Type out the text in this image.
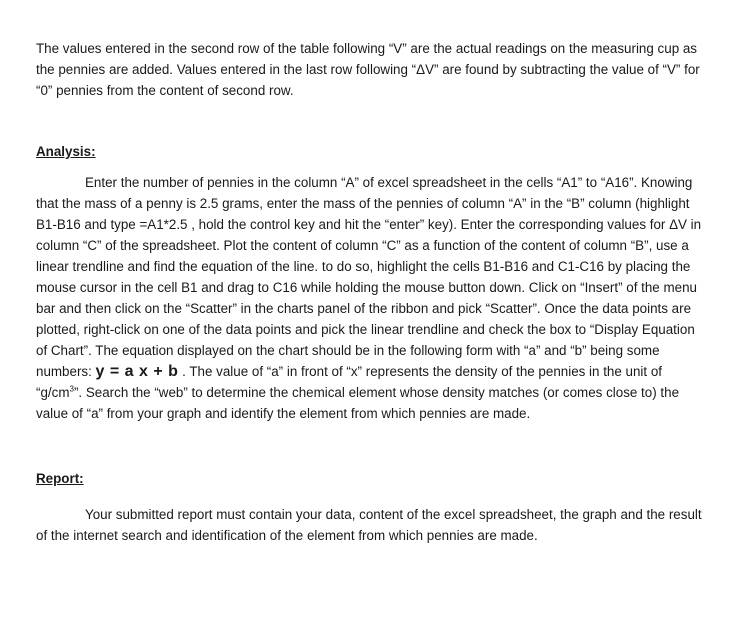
The values entered in the second row of the table following “V” are the actual readings on the measuring cup as the pennies are added. Values entered in the last row following “ΔV” are found by subtracting the value of “V” for “0” pennies from the content of second row.

Analysis:

Enter the number of pennies in the column “A” of excel spreadsheet in the cells “A1” to “A16”. Knowing that the mass of a penny is 2.5 grams, enter the mass of the pennies of column “A” in the “B” column (highlight B1-B16 and type =A1*2.5 , hold the control key and hit the “enter” key). Enter the corresponding values for ΔV in column “C” of the spreadsheet. Plot the content of column “C” as a function of the content of column “B”, use a linear trendline and find the equation of the line. to do so, highlight the cells B1-B16 and C1-C16 by placing the mouse cursor in the cell B1 and drag to C16 while holding the mouse button down. Click on “Insert” of the menu bar and then click on the “Scatter” in the charts panel of the ribbon and pick “Scatter”. Once the data points are plotted, right-click on one of the data points and pick the linear trendline and check the box to “Display Equation of Chart”. The equation displayed on the chart should be in the following form with “a” and “b” being some numbers: y = a x + b . The value of “a” in front of “x” represents the density of the pennies in the unit of “$g/cm^3$”. Search the “web” to determine the chemical element whose density matches (or comes close to) the value of “a” from your graph and identify the element from which pennies are made.

Report:

Your submitted report must contain your data, content of the excel spreadsheet, the graph and the result of the internet search and identification of the element from which pennies are made.
